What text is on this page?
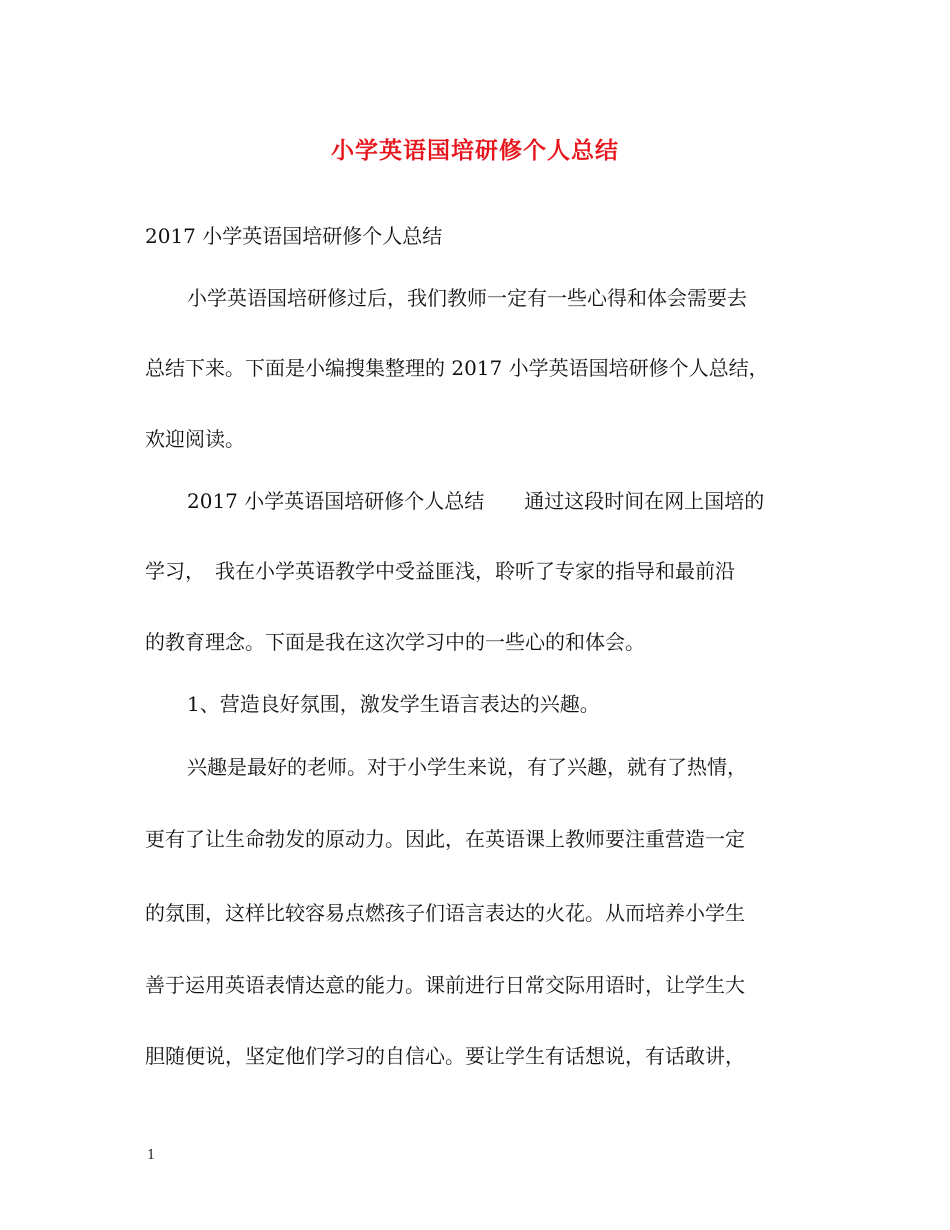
小学英语国培研修个人总结
2017 小学英语国培研修个人总结
小学英语国培研修过后，我们教师一定有一些心得和体会需要去
总结下来。下面是小编搜集整理的 2017 小学英语国培研修个人总结，
欢迎阅读。
2017 小学英语国培研修个人总结　　通过这段时间在网上国培的
学习，　我在小学英语教学中受益匪浅，聆听了专家的指导和最前沿
的教育理念。下面是我在这次学习中的一些心的和体会。
1、营造良好氛围，激发学生语言表达的兴趣。
兴趣是最好的老师。对于小学生来说，有了兴趣，就有了热情，
更有了让生命勃发的原动力。因此，在英语课上教师要注重营造一定
的氛围，这样比较容易点燃孩子们语言表达的火花。从而培养小学生
善于运用英语表情达意的能力。课前进行日常交际用语时，让学生大
胆随便说，坚定他们学习的自信心。要让学生有话想说，有话敢讲，
1
